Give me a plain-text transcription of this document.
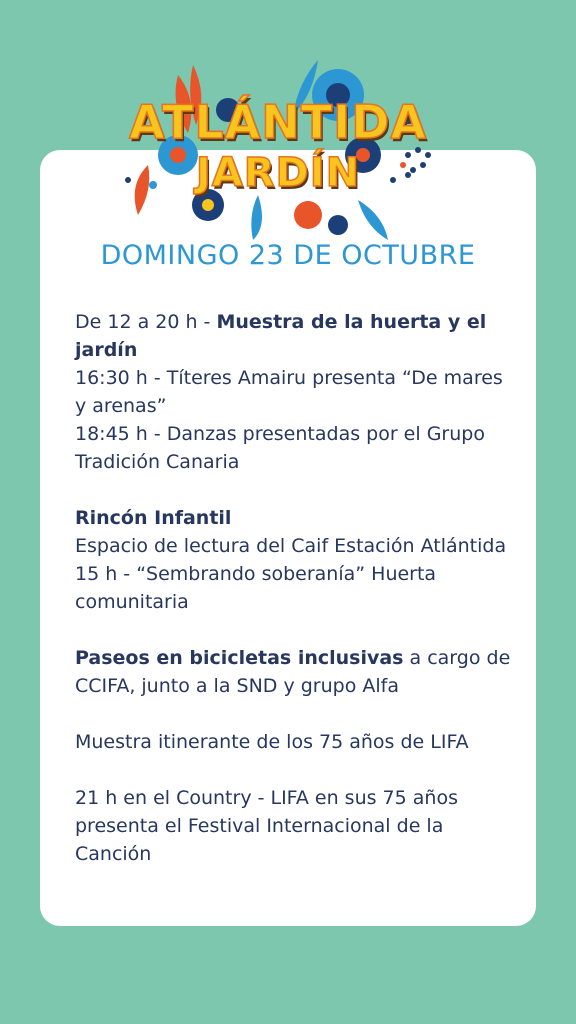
ATLÁNTIDA
JARDÍN
DOMINGO 23 DE OCTUBRE

De 12 a 20 h - Muestra de la huerta y el jardín

16:30 h - Títeres Amairu presenta “De mares y arenas”

18:45 h - Danzas presentadas por el Grupo Tradición Canaria

Rincón Infantil

Espacio de lectura del Caif Estación Atlántida

15 h - “Sembrando soberanía” Huerta comunitaria

Paseos en bicicletas inclusivas a cargo de CCIFA, junto a la SND y grupo Alfa

Muestra itinerante de los 75 años de LIFA

21 h en el Country - LIFA en sus 75 años presenta el Festival Internacional de la Canción
